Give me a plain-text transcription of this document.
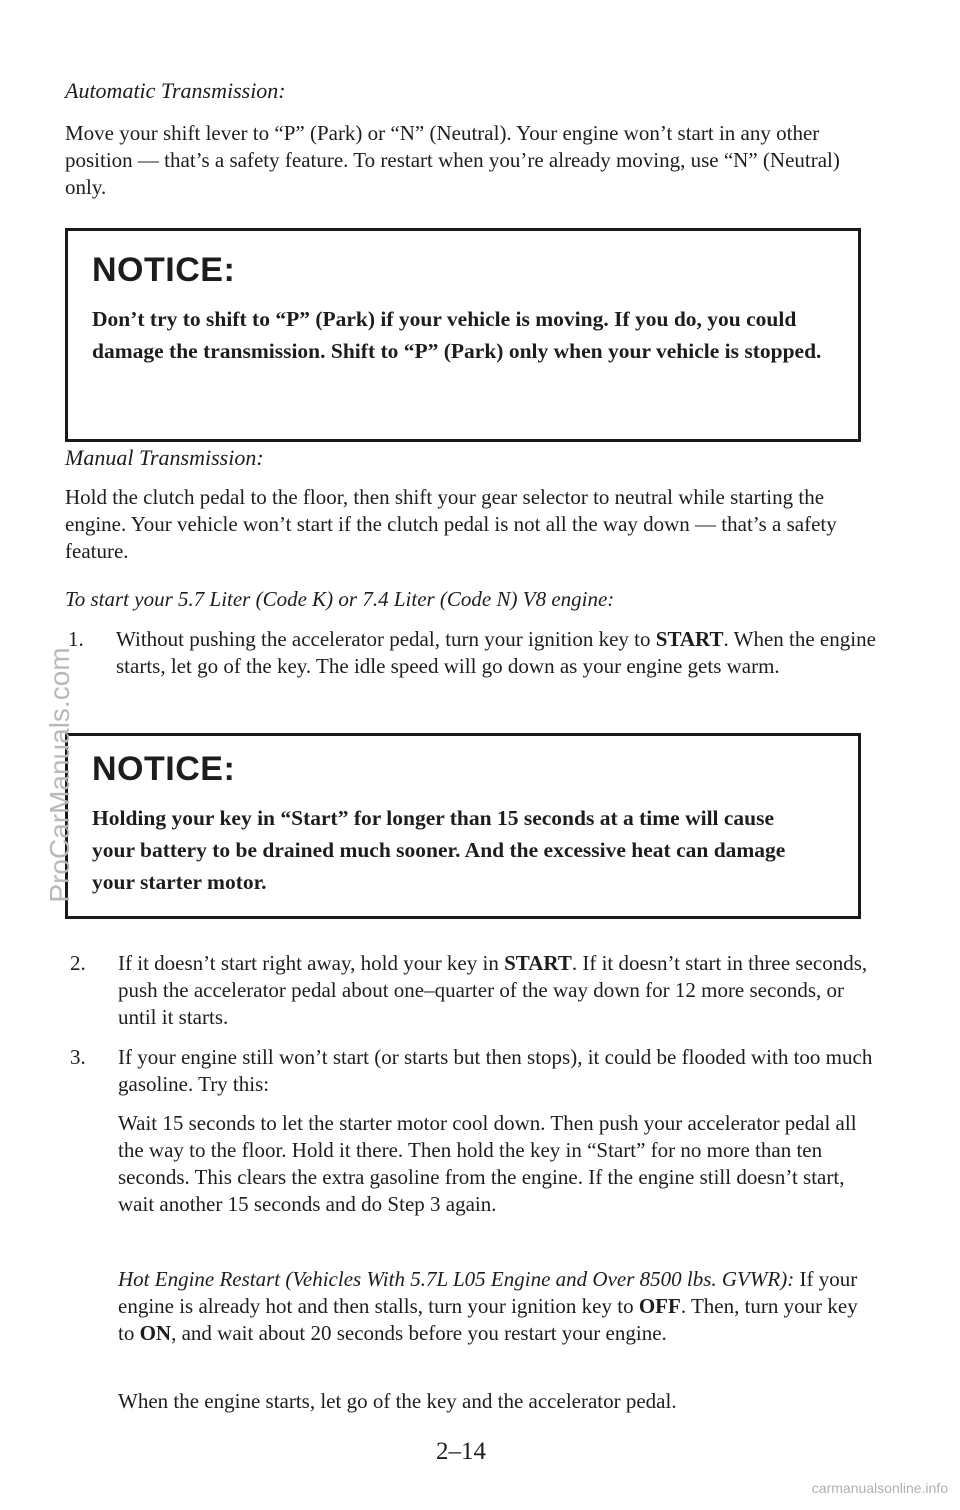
Automatic Transmission:

Move your shift lever to “P” (Park) or “N” (Neutral). Your engine won’t start in any other position — that’s a safety feature. To restart when you’re already moving, use “N” (Neutral) only.

NOTICE:

Don’t try to shift to “P” (Park) if your vehicle is moving. If you do, you could damage the transmission. Shift to “P” (Park) only when your vehicle is stopped.

Manual Transmission:

Hold the clutch pedal to the floor, then shift your gear selector to neutral while starting the engine. Your vehicle won’t start if the clutch pedal is not all the way down — that’s a safety feature.

To start your 5.7 Liter (Code K) or 7.4 Liter (Code N) V8 engine:

1. Without pushing the accelerator pedal, turn your ignition key to START. When the engine starts, let go of the key. The idle speed will go down as your engine gets warm.
NOTICE:

Holding your key in “Start” for longer than 15 seconds at a time will cause your battery to be drained much sooner. And the excessive heat can damage your starter motor.

2. If it doesn’t start right away, hold your key in START. If it doesn’t start in three seconds, push the accelerator pedal about one–quarter of the way down for 12 more seconds, or until it starts.
3. If your engine still won’t start (or starts but then stops), it could be flooded with too much gasoline. Try this:

Wait 15 seconds to let the starter motor cool down. Then push your accelerator pedal all the way to the floor. Hold it there. Then hold the key in “Start” for no more than ten seconds. This clears the extra gasoline from the engine. If the engine still doesn’t start, wait another 15 seconds and do Step 3 again.

Hot Engine Restart (Vehicles With 5.7L L05 Engine and Over 8500 lbs. GVWR): If your engine is already hot and then stalls, turn your ignition key to OFF. Then, turn your key to ON, and wait about 20 seconds before you restart your engine.

When the engine starts, let go of the key and the accelerator pedal.

2–14
ProCarManuals.com
carmanualsonline.info
